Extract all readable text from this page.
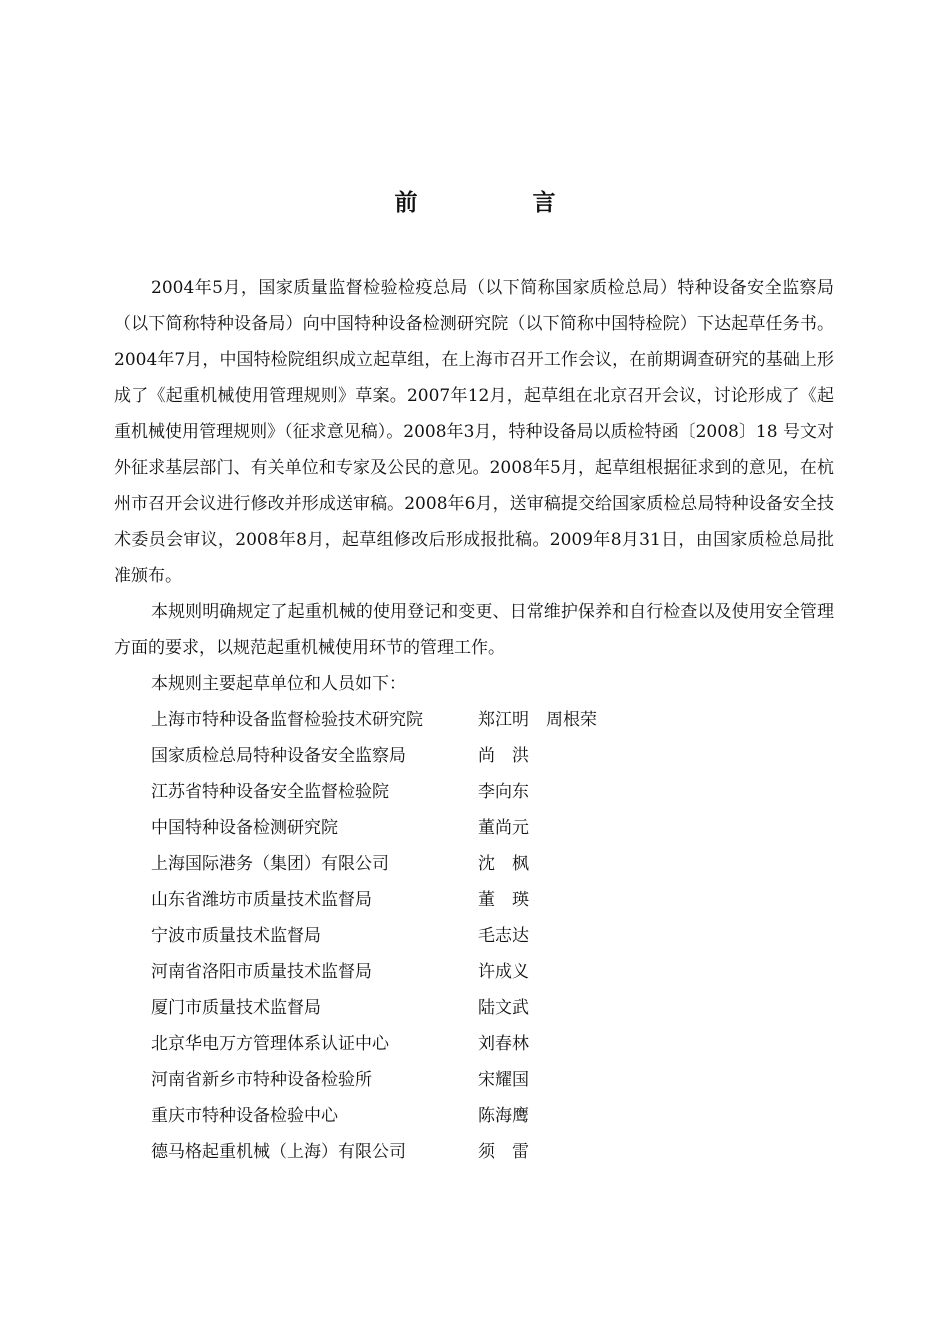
前　言

2004年5月，国家质量监督检验检疫总局（以下简称国家质检总局）特种设备安全监察局（以下简称特种设备局）向中国特种设备检测研究院（以下简称中国特检院）下达起草任务书。2004年7月，中国特检院组织成立起草组，在上海市召开工作会议，在前期调查研究的基础上形成了《起重机械使用管理规则》草案。2007年12月，起草组在北京召开会议，讨论形成了《起重机械使用管理规则》（征求意见稿）。2008年3月，特种设备局以质检特函〔2008〕18 号文对外征求基层部门、有关单位和专家及公民的意见。2008年5月，起草组根据征求到的意见，在杭州市召开会议进行修改并形成送审稿。2008年6月，送审稿提交给国家质检总局特种设备安全技术委员会审议，2008年8月，起草组修改后形成报批稿。2009年8月31日，由国家质检总局批准颁布。

本规则明确规定了起重机械的使用登记和变更、日常维护保养和自行检查以及使用安全管理方面的要求，以规范起重机械使用环节的管理工作。

本规则主要起草单位和人员如下：

上海市特种设备监督检验技术研究院	郑江明　周根荣
国家质检总局特种设备安全监察局	尚　洪
江苏省特种设备安全监督检验院	李向东
中国特种设备检测研究院	董尚元
上海国际港务（集团）有限公司	沈　枫
山东省潍坊市质量技术监督局	董　瑛
宁波市质量技术监督局	毛志达
河南省洛阳市质量技术监督局	许成义
厦门市质量技术监督局	陆文武
北京华电万方管理体系认证中心	刘春林
河南省新乡市特种设备检验所	宋耀国
重庆市特种设备检验中心	陈海鹰
德马格起重机械（上海）有限公司	须　雷
